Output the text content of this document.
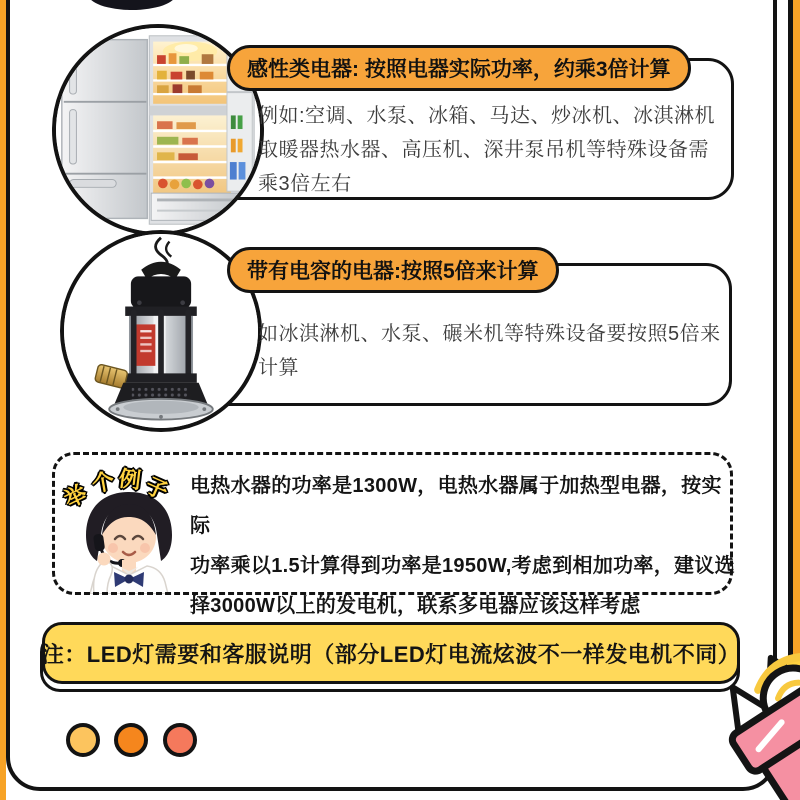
感性类电器: 按照电器实际功率，约乘3倍计算
例如:空调、水泵、冰箱、马达、炒冰机、冰淇淋机
取暖器热水器、高压机、深井泵吊机等特殊设备需
乘3倍左右
带有电容的电器:按照5倍来计算
如冰淇淋机、水泵、碾米机等特殊设备要按照5倍来
计算
举 个 例 子 电热水器的功率是1300W，电热水器属于加热型电器，按实际
功率乘以1.5计算得到功率是1950W,考虑到相加功率，建议选
择3000W以上的发电机，联系多电器应该这样考虑
注：LED灯需要和客服说明（部分LED灯电流炫波不一样发电机不同）
